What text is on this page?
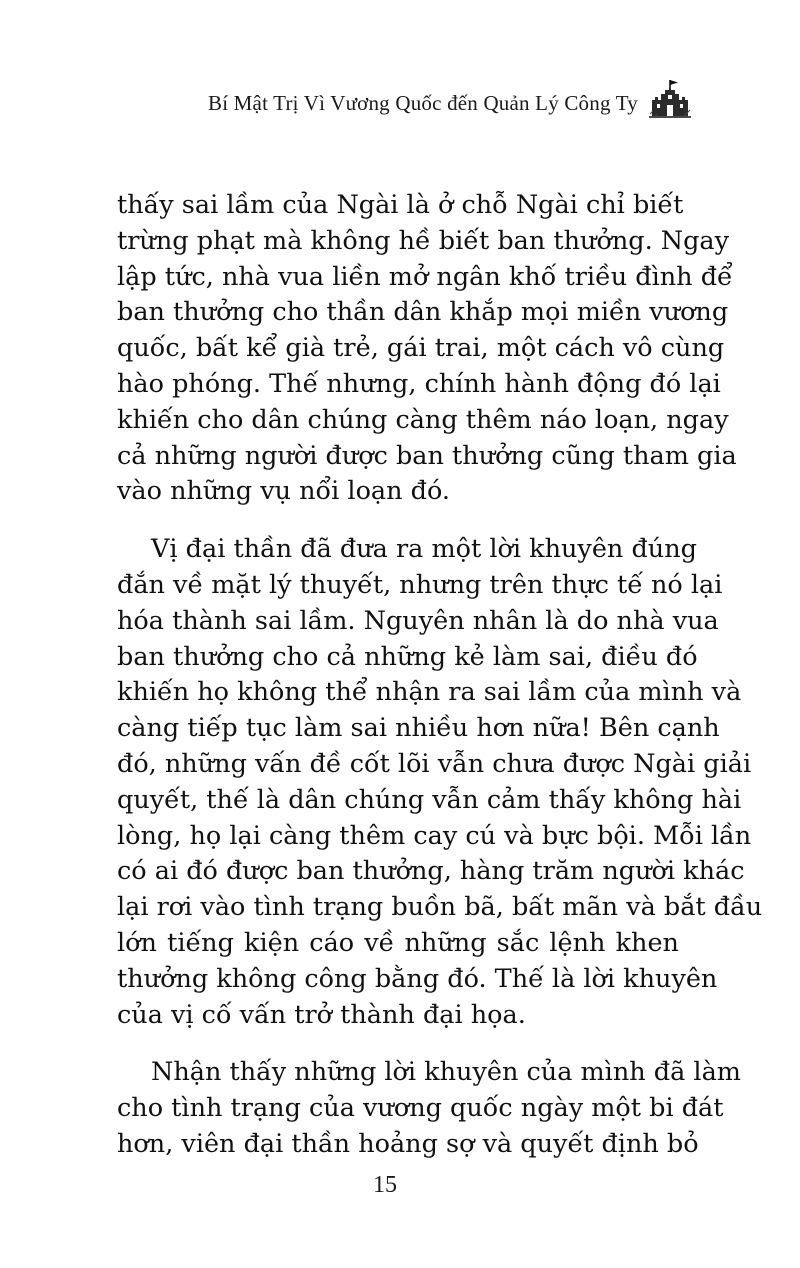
Bí Mật Trị Vì Vương Quốc đến Quản Lý Công Ty

thấy sai lầm của Ngài là ở chỗ Ngài chỉ biết
trừng phạt mà không hề biết ban thưởng. Ngay
lập tức, nhà vua liền mở ngân khố triều đình để
ban thưởng cho thần dân khắp mọi miền vương
quốc, bất kể già trẻ, gái trai, một cách vô cùng
hào phóng. Thế nhưng, chính hành động đó lại
khiến cho dân chúng càng thêm náo loạn, ngay
cả những người được ban thưởng cũng tham gia
vào những vụ nổi loạn đó.

Vị đại thần đã đưa ra một lời khuyên đúng
đắn về mặt lý thuyết, nhưng trên thực tế nó lại
hóa thành sai lầm. Nguyên nhân là do nhà vua
ban thưởng cho cả những kẻ làm sai, điều đó
khiến họ không thể nhận ra sai lầm của mình và
càng tiếp tục làm sai nhiều hơn nữa! Bên cạnh
đó, những vấn đề cốt lõi vẫn chưa được Ngài giải
quyết, thế là dân chúng vẫn cảm thấy không hài
lòng, họ lại càng thêm cay cú và bực bội. Mỗi lần
có ai đó được ban thưởng, hàng trăm người khác
lại rơi vào tình trạng buồn bã, bất mãn và bắt đầu
lớn tiếng kiện cáo về những sắc lệnh khen
thưởng không công bằng đó. Thế là lời khuyên
của vị cố vấn trở thành đại họa.

Nhận thấy những lời khuyên của mình đã làm
cho tình trạng của vương quốc ngày một bi đát
hơn, viên đại thần hoảng sợ và quyết định bỏ

15
